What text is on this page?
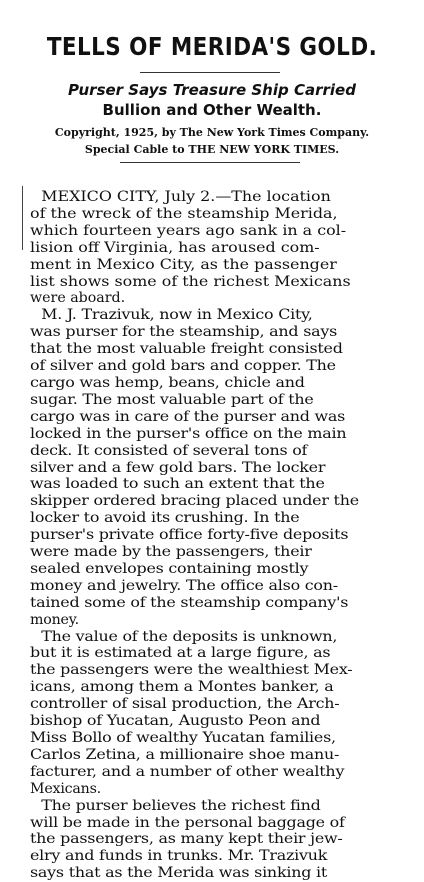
TELLS OF MERIDA'S GOLD.
Purser Says Treasure Ship Carried
Bullion and Other Wealth.
Copyright, 1925, by The New York Times Company.
Special Cable to THE NEW YORK TIMES.
MEXICO CITY, July 2.—The location
of the wreck of the steamship Merida,
which fourteen years ago sank in a col-
lision off Virginia, has aroused com-
ment in Mexico City, as the passenger
list shows some of the richest Mexicans
were aboard.
M. J. Trazivuk, now in Mexico City,
was purser for the steamship, and says
that the most valuable freight consisted
of silver and gold bars and copper. The
cargo was hemp, beans, chicle and
sugar. The most valuable part of the
cargo was in care of the purser and was
locked in the purser's office on the main
deck. It consisted of several tons of
silver and a few gold bars. The locker
was loaded to such an extent that the
skipper ordered bracing placed under the
locker to avoid its crushing. In the
purser's private office forty-five deposits
were made by the passengers, their
sealed envelopes containing mostly
money and jewelry. The office also con-
tained some of the steamship company's
money.
The value of the deposits is unknown,
but it is estimated at a large figure, as
the passengers were the wealthiest Mex-
icans, among them a Montes banker, a
controller of sisal production, the Arch-
bishop of Yucatan, Augusto Peon and
Miss Bollo of wealthy Yucatan families,
Carlos Zetina, a millionaire shoe manu-
facturer, and a number of other wealthy
Mexicans.
The purser believes the richest find
will be made in the personal baggage of
the passengers, as many kept their jew-
elry and funds in trunks. Mr. Trazivuk
says that as the Merida was sinking it
